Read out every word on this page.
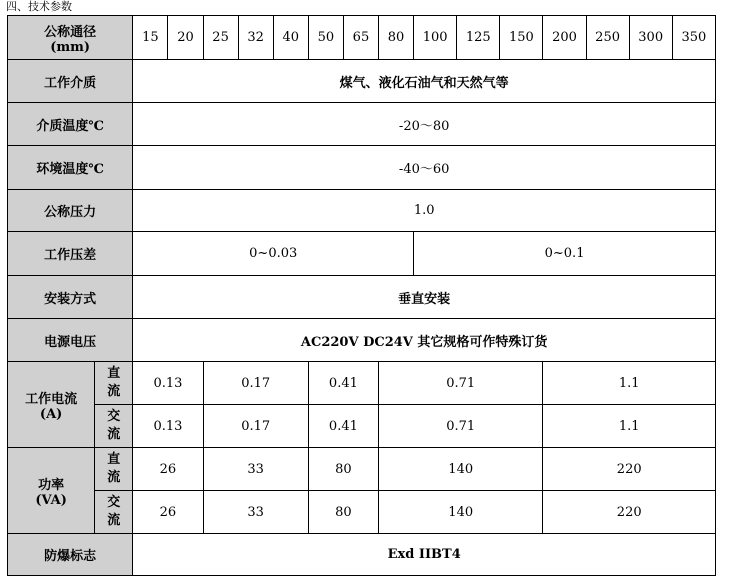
四、技术参数
公称通径
(mm)		15	20	25	32	40	50	65	80	100	125	150	200	250	300	350
工作介质		煤气、液化石油气和天然气等														
介质温度℃		-20～80														
环境温度℃		-40～60														
公称压力		1.0														
工作压差		0~0.03								0~0.1						
安装方式		垂直安装														
电源电压		AC220V DC24V 其它规格可作特殊订货														

工作电流
(A)	直流	0.13		0.17			0.41		0.71				1.1			

	交流	0.13		0.17			0.41		0.71				1.1			

功率
(VA)	直流	26		33			80		140				220			

	交流	26		33			80		140				220			
防爆标志		Exd IIBT4														
